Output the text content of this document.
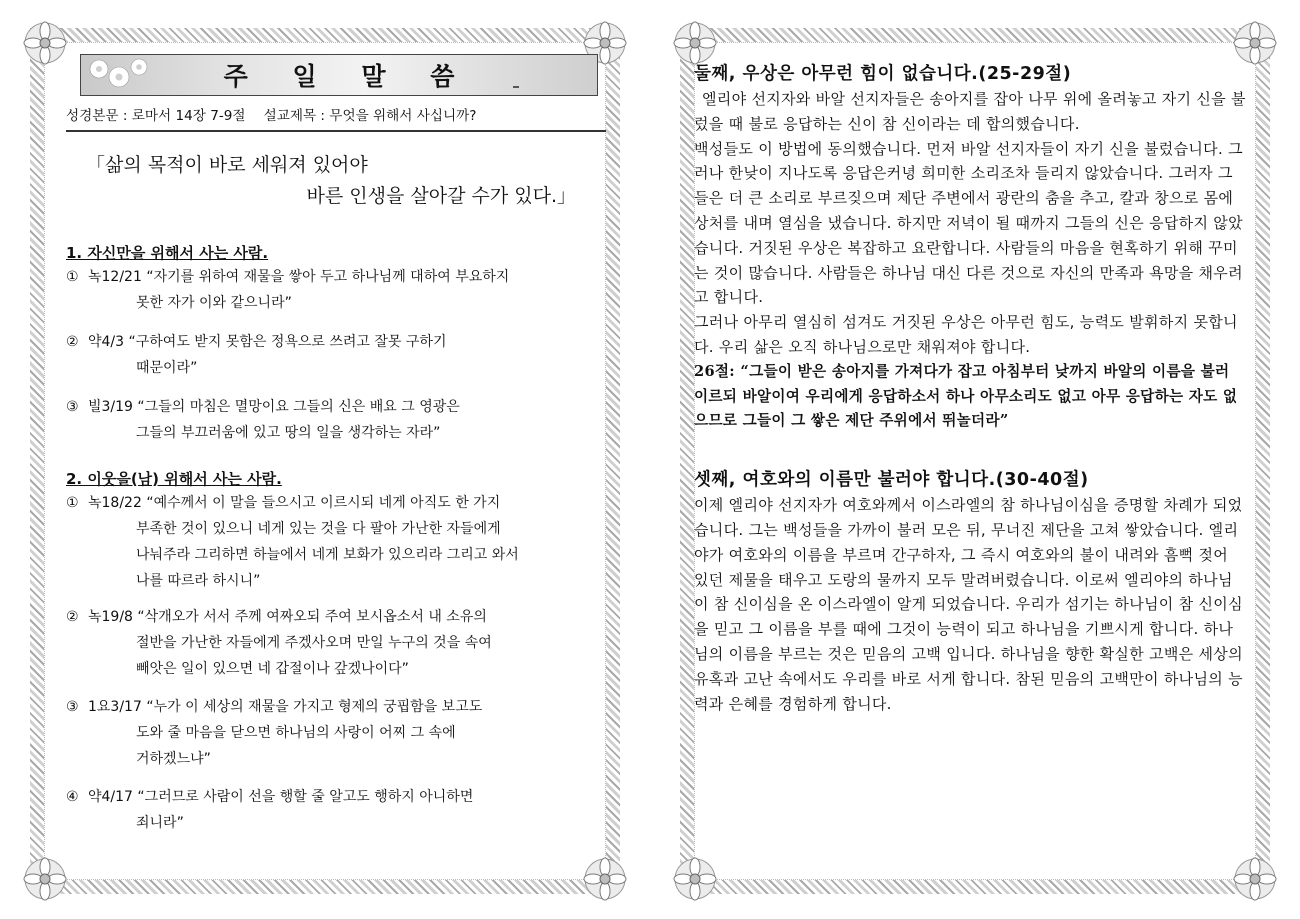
주 일 말 씀
성경본문 : 로마서 14장 7-9절 설교제목 : 무엇을 위해서 사십니까?
「삶의 목적이 바로 세워져 있어야
바른 인생을 살아갈 수가 있다.」
1. 자신만을 위해서 사는 사람.
① 녹12/21 “자기를 위하여 재물을 쌓아 두고 하나님께 대하여 부요하지
못한 자가 이와 같으니라”
② 약4/3 “구하여도 받지 못함은 정욕으로 쓰려고 잘못 구하기
때문이라”
③ 빌3/19 “그들의 마침은 멸망이요 그들의 신은 배요 그 영광은
그들의 부끄러움에 있고 땅의 일을 생각하는 자라”
2. 이웃을(남) 위해서 사는 사람.
① 녹18/22 “예수께서 이 말을 들으시고 이르시되 네게 아직도 한 가지
부족한 것이 있으니 네게 있는 것을 다 팔아 가난한 자들에게
나눠주라 그리하면 하늘에서 네게 보화가 있으리라 그리고 와서
나를 따르라 하시니”
② 녹19/8 “삭개오가 서서 주께 여짜오되 주여 보시옵소서 내 소유의
절반을 가난한 자들에게 주겠사오며 만일 누구의 것을 속여
빼앗은 일이 있으면 네 갑절이나 갚겠나이다”
③ 1요3/17 “누가 이 세상의 재물을 가지고 형제의 궁핍함을 보고도
도와 줄 마음을 닫으면 하나님의 사랑이 어찌 그 속에
거하겠느냐”
④ 약4/17 “그러므로 사람이 선을 행할 줄 알고도 행하지 아니하면
죄니라”
둘째, 우상은 아무런 힘이 없습니다.(25-29절)

엘리야 선지자와 바알 선지자들은 송아지를 잡아 나무 위에 올려놓고 자기 신을 불렀을 때 불로 응답하는 신이 참 신이라는 데 합의했습니다.

백성들도 이 방법에 동의했습니다. 먼저 바알 선지자들이 자기 신을 불렀습니다. 그러나 한낮이 지나도록 응답은커녕 희미한 소리조차 들리지 않았습니다. 그러자 그들은 더 큰 소리로 부르짖으며 제단 주변에서 광란의 춤을 추고, 칼과 창으로 몸에 상처를 내며 열심을 냈습니다. 하지만 저녁이 될 때까지 그들의 신은 응답하지 않았습니다. 거짓된 우상은 복잡하고 요란합니다. 사람들의 마음을 현혹하기 위해 꾸미는 것이 많습니다. 사람들은 하나님 대신 다른 것으로 자신의 만족과 욕망을 채우려고 합니다.

그러나 아무리 열심히 섬겨도 거짓된 우상은 아무런 힘도, 능력도 발휘하지 못합니다. 우리 삶은 오직 하나님으로만 채워져야 합니다.

26절: “그들이 받은 송아지를 가져다가 잡고 아침부터 낮까지 바알의 이름을 불러 이르되 바알이여 우리에게 응답하소서 하나 아무소리도 없고 아무 응답하는 자도 없으므로 그들이 그 쌓은 제단 주위에서 뛰놀더라”

셋째, 여호와의 이름만 불러야 합니다.(30-40절)

이제 엘리야 선지자가 여호와께서 이스라엘의 참 하나님이심을 증명할 차례가 되었습니다. 그는 백성들을 가까이 불러 모은 뒤, 무너진 제단을 고쳐 쌓았습니다. 엘리야가 여호와의 이름을 부르며 간구하자, 그 즉시 여호와의 불이 내려와 흠뻑 젖어 있던 제물을 태우고 도랑의 물까지 모두 말려버렸습니다. 이로써 엘리야의 하나님이 참 신이심을 온 이스라엘이 알게 되었습니다. 우리가 섬기는 하나님이 참 신이심을 믿고 그 이름을 부를 때에 그것이 능력이 되고 하나님을 기쁘시게 합니다. 하나님의 이름을 부르는 것은 믿음의 고백 입니다. 하나님을 향한 확실한 고백은 세상의 유혹과 고난 속에서도 우리를 바로 서게 합니다. 참된 믿음의 고백만이 하나님의 능력과 은혜를 경험하게 합니다.
